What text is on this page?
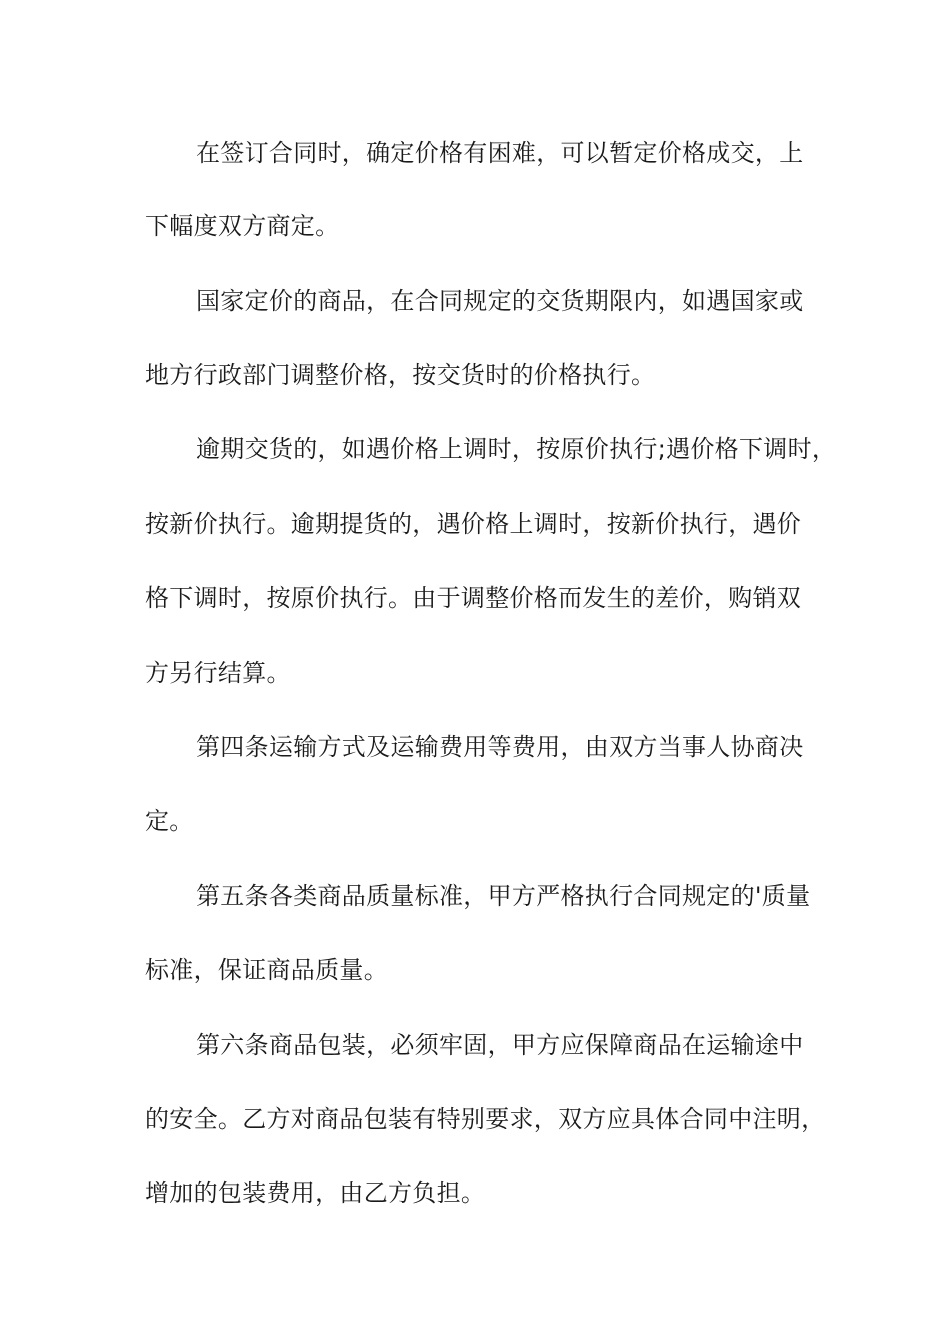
在签订合同时，确定价格有困难，可以暂定价格成交，上
下幅度双方商定。
国家定价的商品，在合同规定的交货期限内，如遇国家或
地方行政部门调整价格，按交货时的价格执行。
逾期交货的，如遇价格上调时，按原价执行;遇价格下调时，
按新价执行。逾期提货的，遇价格上调时，按新价执行，遇价
格下调时，按原价执行。由于调整价格而发生的差价，购销双
方另行结算。
第四条运输方式及运输费用等费用，由双方当事人协商决
定。
第五条各类商品质量标准，甲方严格执行合同规定的'质量
标准，保证商品质量。
第六条商品包装，必须牢固，甲方应保障商品在运输途中
的安全。乙方对商品包装有特别要求，双方应具体合同中注明，
增加的包装费用，由乙方负担。
